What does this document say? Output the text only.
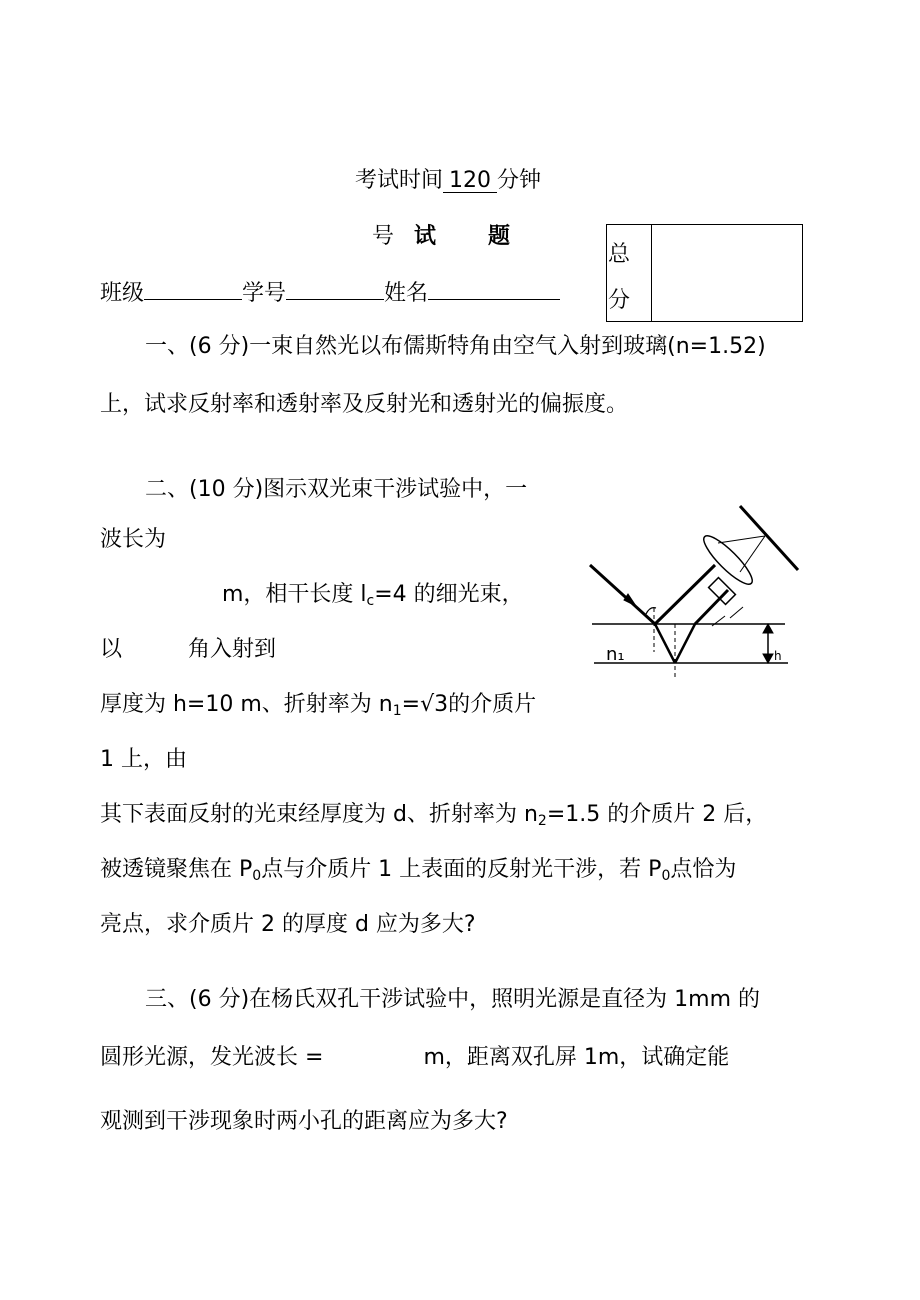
考试时间120分钟
号 试 题
班级	学号	姓名
总
分
一、(6 分)一束自然光以布儒斯特角由空气入射到玻璃(n=1.52)
上，试求反射率和透射率及反射光和透射光的偏振度。
二、(10 分)图示双光束干涉试验中，一
波长为
m，相干长度 $l_c=4$ 的细光束，
以	角入射到
厚度为 h=10 m、折射率为 $n_1=√3$的介质片
1 上，由
其下表面反射的光束经厚度为 d、折射率为 $n_2=1.5$ 的介质片 2 后，
被透镜聚焦在 $P_0$点与介质片 1 上表面的反射光干涉，若 $P_0$点恰为
亮点，求介质片 2 的厚度 d 应为多大?
n₁	h
三、(6 分)在杨氏双孔干涉试验中，照明光源是直径为 1mm 的
圆形光源，发光波长 =	m，距离双孔屏 1m，试确定能
观测到干涉现象时两小孔的距离应为多大?
